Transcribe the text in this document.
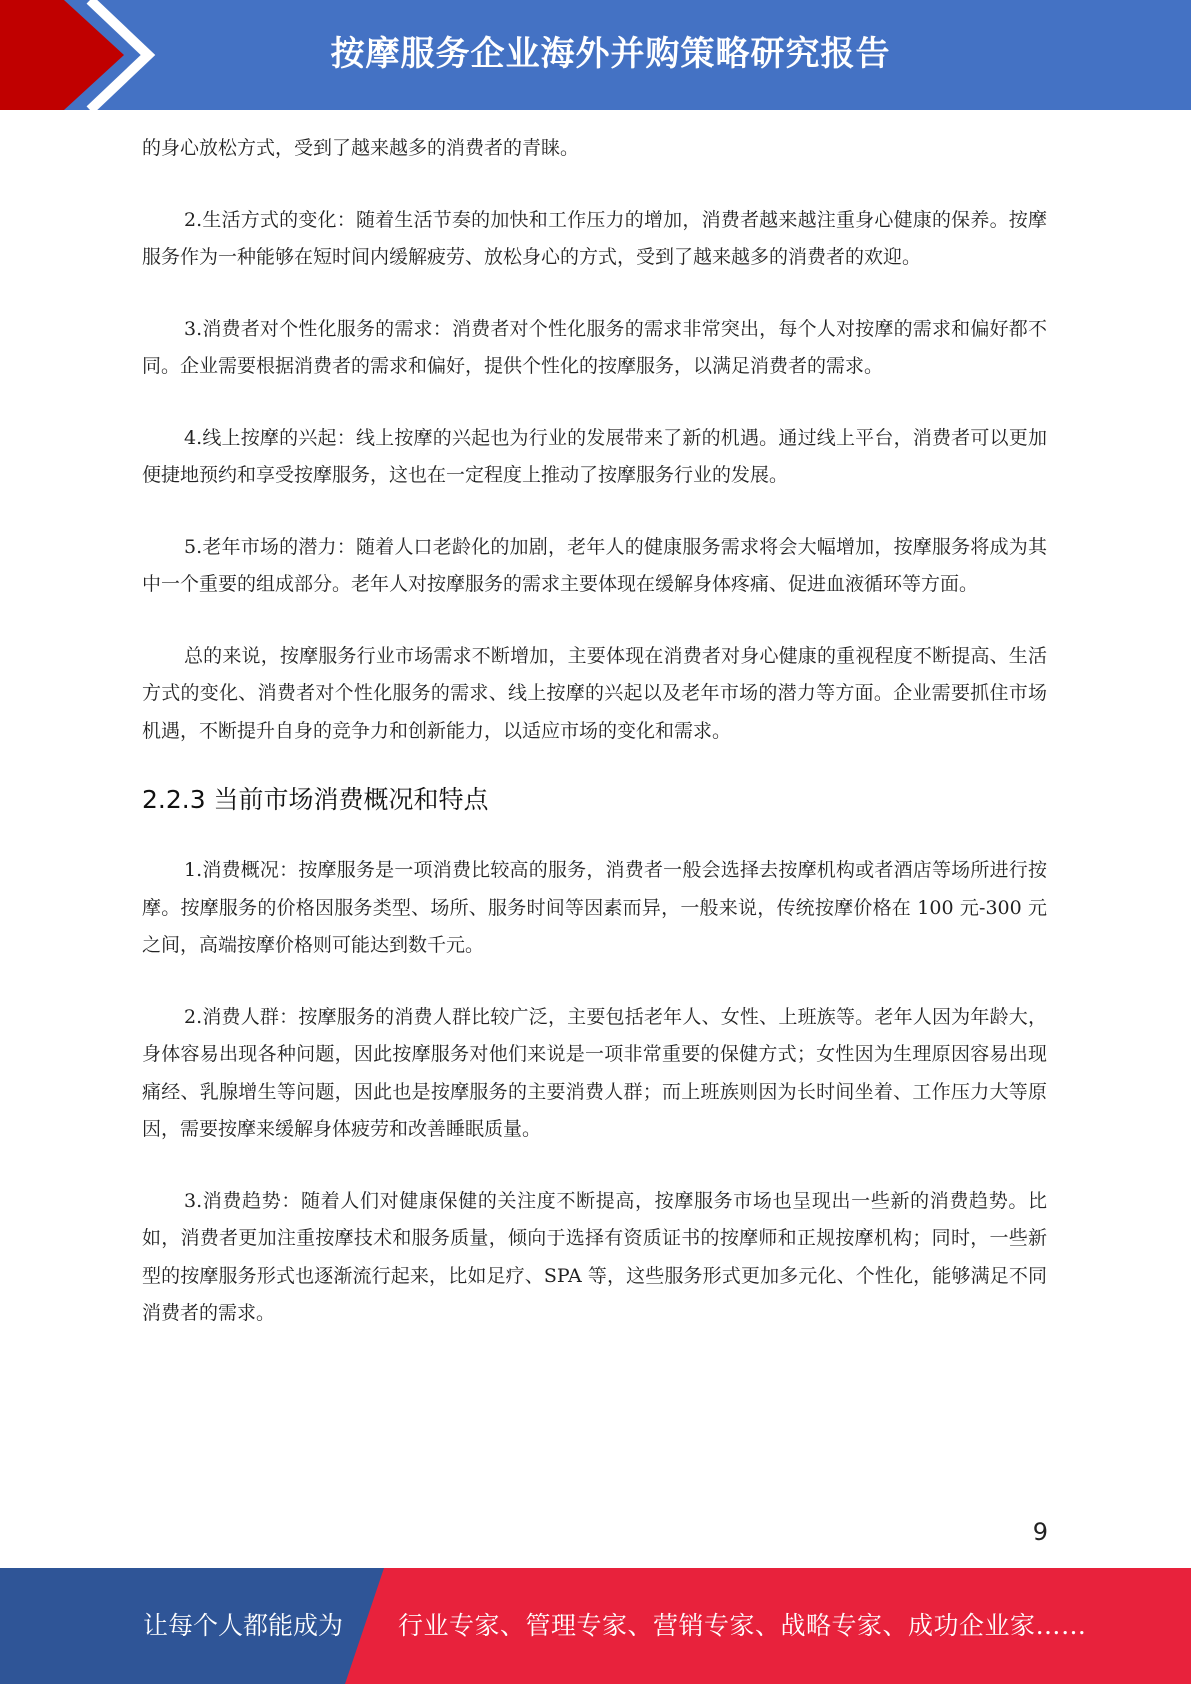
按摩服务企业海外并购策略研究报告

的身心放松方式，受到了越来越多的消费者的青睐。

2.生活方式的变化：随着生活节奏的加快和工作压力的增加，消费者越来越注重身心健康的保养。按摩服务作为一种能够在短时间内缓解疲劳、放松身心的方式，受到了越来越多的消费者的欢迎。

3.消费者对个性化服务的需求：消费者对个性化服务的需求非常突出，每个人对按摩的需求和偏好都不同。企业需要根据消费者的需求和偏好，提供个性化的按摩服务，以满足消费者的需求。

4.线上按摩的兴起：线上按摩的兴起也为行业的发展带来了新的机遇。通过线上平台，消费者可以更加便捷地预约和享受按摩服务，这也在一定程度上推动了按摩服务行业的发展。

5.老年市场的潜力：随着人口老龄化的加剧，老年人的健康服务需求将会大幅增加，按摩服务将成为其中一个重要的组成部分。老年人对按摩服务的需求主要体现在缓解身体疼痛、促进血液循环等方面。

总的来说，按摩服务行业市场需求不断增加，主要体现在消费者对身心健康的重视程度不断提高、生活方式的变化、消费者对个性化服务的需求、线上按摩的兴起以及老年市场的潜力等方面。企业需要抓住市场机遇，不断提升自身的竞争力和创新能力，以适应市场的变化和需求。

2.2.3 当前市场消费概况和特点

1.消费概况：按摩服务是一项消费比较高的服务，消费者一般会选择去按摩机构或者酒店等场所进行按摩。按摩服务的价格因服务类型、场所、服务时间等因素而异，一般来说，传统按摩价格在 100 元-300 元之间，高端按摩价格则可能达到数千元。

2.消费人群：按摩服务的消费人群比较广泛，主要包括老年人、女性、上班族等。老年人因为年龄大，身体容易出现各种问题，因此按摩服务对他们来说是一项非常重要的保健方式；女性因为生理原因容易出现痛经、乳腺增生等问题，因此也是按摩服务的主要消费人群；而上班族则因为长时间坐着、工作压力大等原因，需要按摩来缓解身体疲劳和改善睡眠质量。

3.消费趋势：随着人们对健康保健的关注度不断提高，按摩服务市场也呈现出一些新的消费趋势。比如，消费者更加注重按摩技术和服务质量，倾向于选择有资质证书的按摩师和正规按摩机构；同时，一些新型的按摩服务形式也逐渐流行起来，比如足疗、SPA 等，这些服务形式更加多元化、个性化，能够满足不同消费者的需求。

9
让每个人都能成为 行业专家、管理专家、营销专家、战略专家、成功企业家……
